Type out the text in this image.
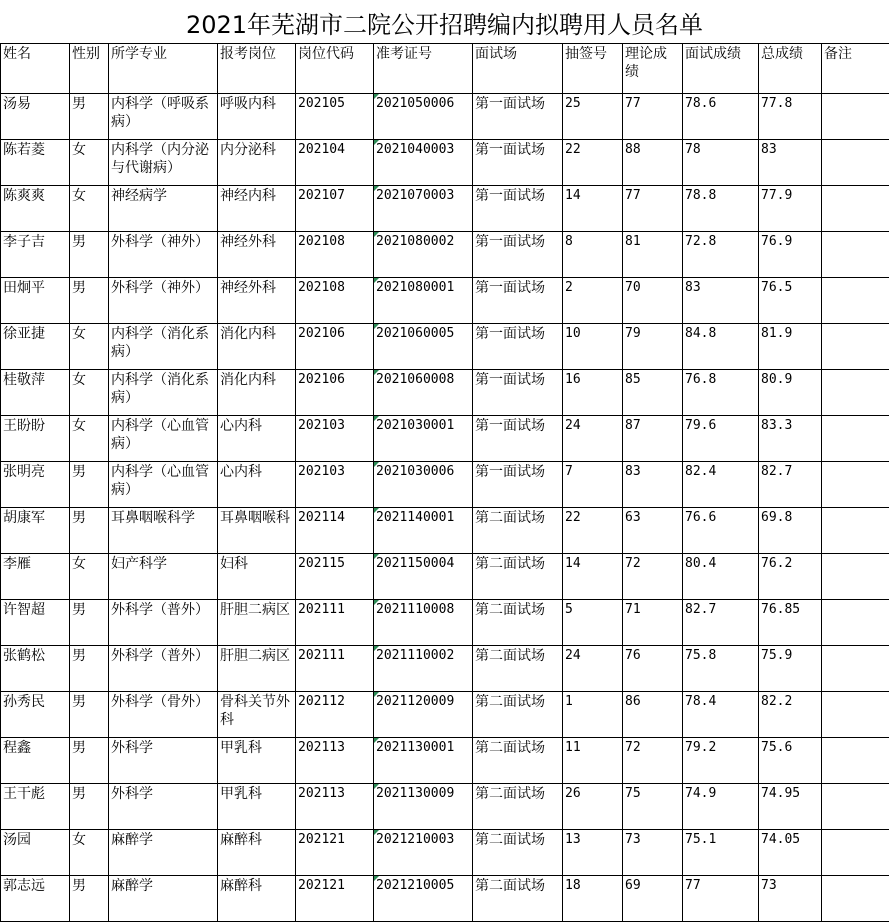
2021年芜湖市二院公开招聘编内拟聘用人员名单
姓名	性别	所学专业	报考岗位	岗位代码	准考证号	面试场	抽签号	理论成绩	面试成绩	总成绩	备注
汤易	男	内科学（呼吸系病）	呼吸内科	202105	2021050006	第一面试场	25	77	78.6	77.8	
陈若菱	女	内科学（内分泌与代谢病）	内分泌科	202104	2021040003	第一面试场	22	88	78	83	
陈爽爽	女	神经病学	神经内科	202107	2021070003	第一面试场	14	77	78.8	77.9	
李子吉	男	外科学（神外）	神经外科	202108	2021080002	第一面试场	8	81	72.8	76.9	
田炯平	男	外科学（神外）	神经外科	202108	2021080001	第一面试场	2	70	83	76.5	
徐亚捷	女	内科学（消化系病）	消化内科	202106	2021060005	第一面试场	10	79	84.8	81.9	
桂敬萍	女	内科学（消化系病）	消化内科	202106	2021060008	第一面试场	16	85	76.8	80.9	
王盼盼	女	内科学（心血管病）	心内科	202103	2021030001	第一面试场	24	87	79.6	83.3	
张明亮	男	内科学（心血管病）	心内科	202103	2021030006	第一面试场	7	83	82.4	82.7	
胡康军	男	耳鼻咽喉科学	耳鼻咽喉科	202114	2021140001	第二面试场	22	63	76.6	69.8	
李雁	女	妇产科学	妇科	202115	2021150004	第二面试场	14	72	80.4	76.2	
许智超	男	外科学（普外）	肝胆二病区	202111	2021110008	第二面试场	5	71	82.7	76.85	
张鹤松	男	外科学（普外）	肝胆二病区	202111	2021110002	第二面试场	24	76	75.8	75.9	
孙秀民	男	外科学（骨外）	骨科关节外科	202112	2021120009	第二面试场	1	86	78.4	82.2	
程鑫	男	外科学	甲乳科	202113	2021130001	第二面试场	11	72	79.2	75.6	
王干彪	男	外科学	甲乳科	202113	2021130009	第二面试场	26	75	74.9	74.95	
汤园	女	麻醉学	麻醉科	202121	2021210003	第二面试场	13	73	75.1	74.05	
郭志远	男	麻醉学	麻醉科	202121	2021210005	第二面试场	18	69	77	73	
